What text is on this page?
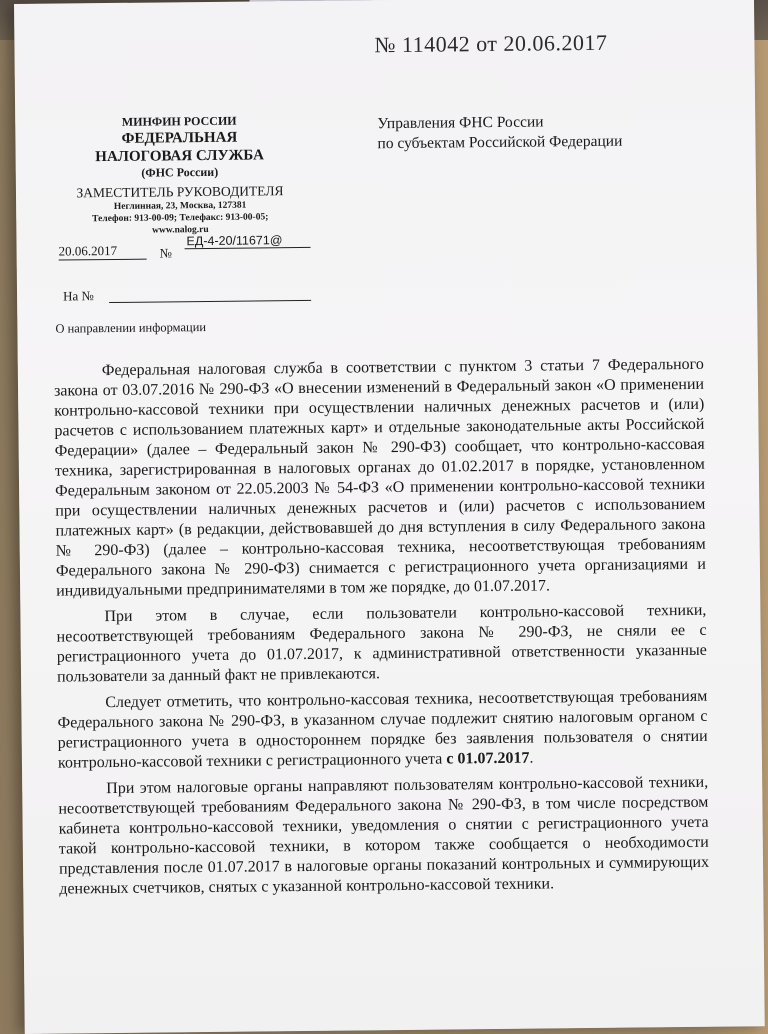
№ 114042 от 20.06.2017
МИНФИН РОССИИ
ФЕДЕРАЛЬНАЯ
НАЛОГОВАЯ СЛУЖБА
(ФНС России)
ЗАМЕСТИТЕЛЬ РУКОВОДИТЕЛЯ
Неглинная, 23, Москва, 127381
Телефон: 913-00-09; Телефакс: 913-00-05;
www.nalog.ru
Управления ФНС России
по субъектам Российской Федерации
20.06.2017	№
ЕД-4-20/11671@
На №
О направлении информации

Федеральная налоговая служба в соответствии с пунктом 3 статьи 7 Федерального закона от 03.07.2016 № 290-ФЗ «О внесении изменений в Федеральный закон «О применении контрольно-кассовой техники при осуществлении наличных денежных расчетов и (или) расчетов с использованием платежных карт» и отдельные законодательные акты Российской Федерации» (далее – Федеральный закон № 290-ФЗ) сообщает, что контрольно-кассовая техника, зарегистрированная в налоговых органах до 01.02.2017 в порядке, установленном Федеральным законом от 22.05.2003 № 54-ФЗ «О применении контрольно-кассовой техники при осуществлении наличных денежных расчетов и (или) расчетов с использованием платежных карт» (в редакции, действовавшей до дня вступления в силу Федерального закона № 290-ФЗ) (далее – контрольно-кассовая техника, несоответствующая требованиям Федерального закона № 290-ФЗ) снимается с регистрационного учета организациями и индивидуальными предпринимателями в том же порядке, до 01.07.2017.

При этом в случае, если пользователи контрольно-кассовой техники, несоответствующей требованиям Федерального закона № 290-ФЗ, не сняли ее с регистрационного учета до 01.07.2017, к административной ответственности указанные пользователи за данный факт не привлекаются.

Следует отметить, что контрольно-кассовая техника, несоответствующая требованиям Федерального закона № 290-ФЗ, в указанном случае подлежит снятию налоговым органом с регистрационного учета в одностороннем порядке без заявления пользователя о снятии контрольно-кассовой техники с регистрационного учета с 01.07.2017.

При этом налоговые органы направляют пользователям контрольно-кассовой техники, несоответствующей требованиям Федерального закона № 290-ФЗ, в том числе посредством кабинета контрольно-кассовой техники, уведомления о снятии с регистрационного учета такой контрольно-кассовой техники, в котором также сообщается о необходимости представления после 01.07.2017 в налоговые органы показаний контрольных и суммирующих денежных счетчиков, снятых с указанной контрольно-кассовой техники.
